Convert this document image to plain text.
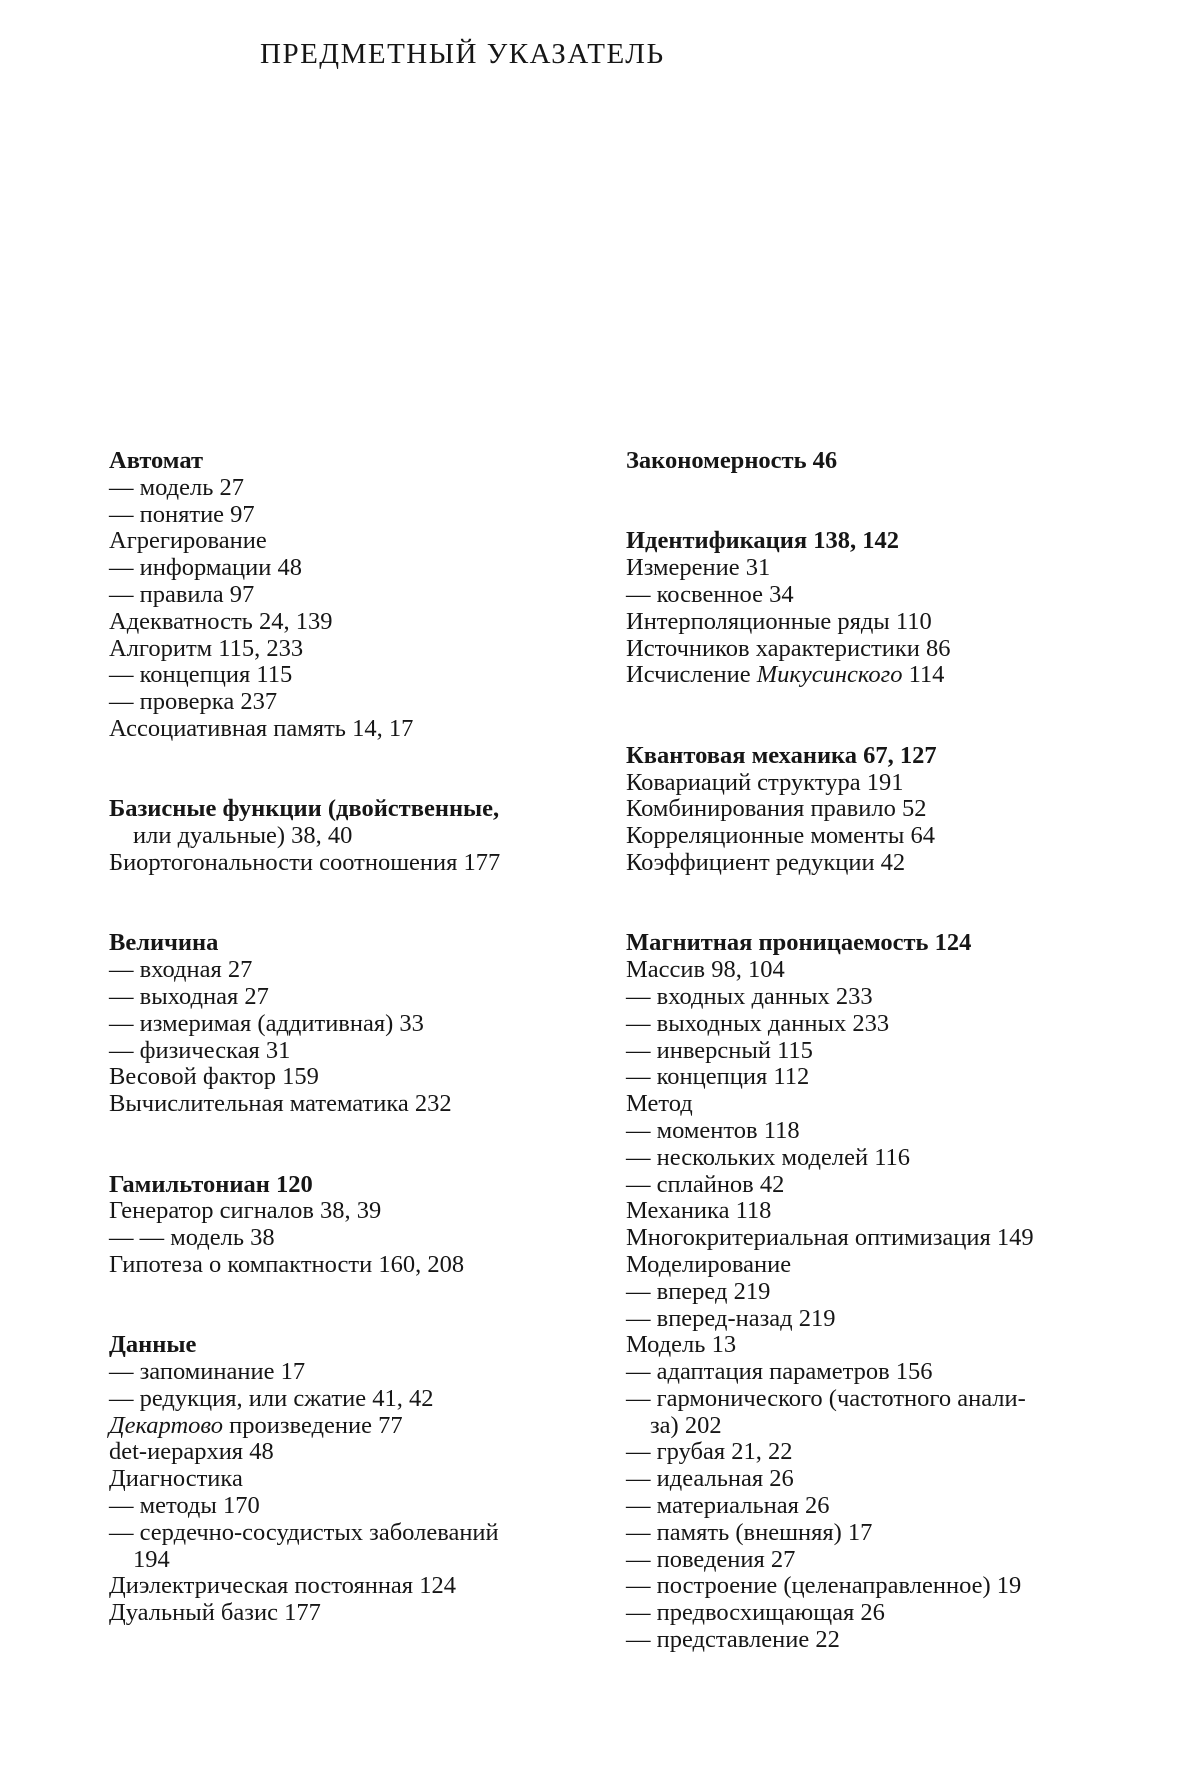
ПРЕДМЕТНЫЙ УКАЗАТЕЛЬ
Автомат
— модель 27
— понятие 97
Агрегирование
— информации 48
— правила 97
Адекватность 24, 139
Алгоритм 115, 233
— концепция 115
— проверка 237
Ассоциативная память 14, 17
Базисные функции (двойственные,
или дуальные) 38, 40
Биортогональности соотношения 177
Величина
— входная 27
— выходная 27
— измеримая (аддитивная) 33
— физическая 31
Весовой фактор 159
Вычислительная математика 232
Гамильтониан 120
Генератор сигналов 38, 39
— — модель 38
Гипотеза о компактности 160, 208
Данные
— запоминание 17
— редукция, или сжатие 41, 42
Декартово произведение 77
det-иерархия 48
Диагностика
— методы 170
— сердечно-сосудистых заболеваний
194
Диэлектрическая постоянная 124
Дуальный базис 177
Закономерность 46
Идентификация 138, 142
Измерение 31
— косвенное 34
Интерполяционные ряды 110
Источников характеристики 86
Исчисление Микусинского 114
Квантовая механика 67, 127
Ковариаций структура 191
Комбинирования правило 52
Корреляционные моменты 64
Коэффициент редукции 42
Магнитная проницаемость 124
Массив 98, 104
— входных данных 233
— выходных данных 233
— инверсный 115
— концепция 112
Метод
— моментов 118
— нескольких моделей 116
— сплайнов 42
Механика 118
Многокритериальная оптимизация 149
Моделирование
— вперед 219
— вперед-назад 219
Модель 13
— адаптация параметров 156
— гармонического (частотного анали-
за) 202
— грубая 21, 22
— идеальная 26
— материальная 26
— память (внешняя) 17
— поведения 27
— построение (целенаправленное) 19
— предвосхищающая 26
— представление 22
